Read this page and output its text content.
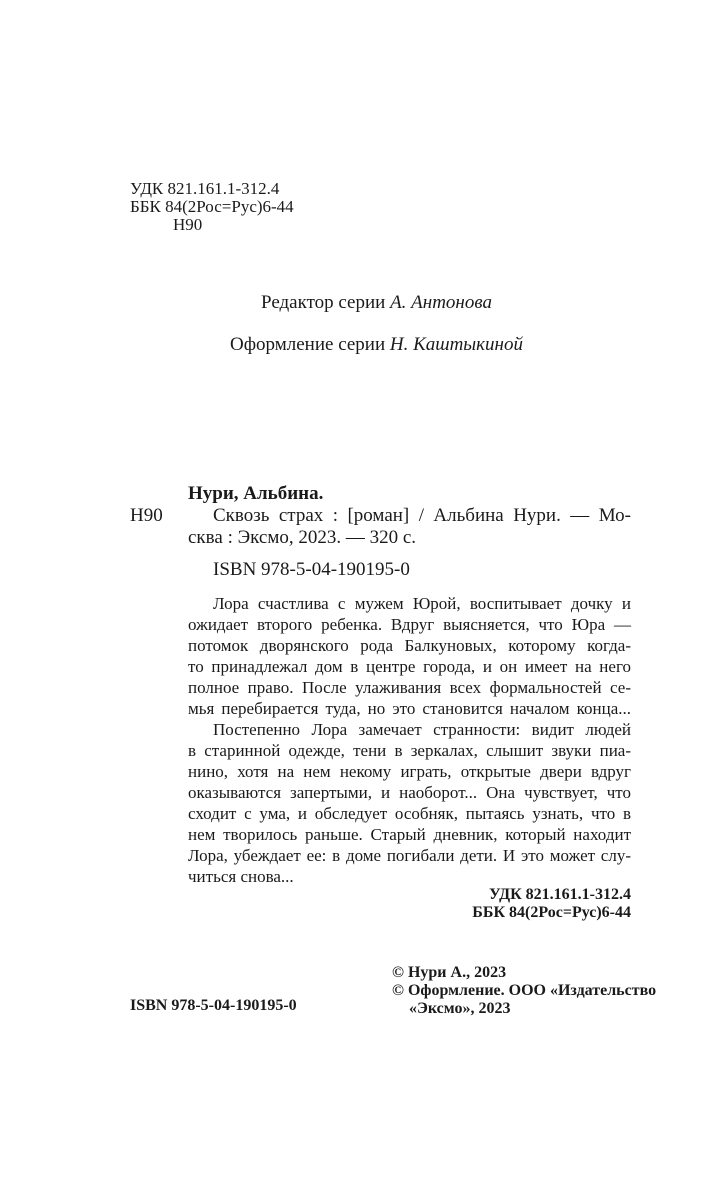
УДК 821.161.1-312.4
ББК 84(2Рос=Рус)6-44
Н90
Редактор серии А. Антонова
Оформление серии Н. Каштыкиной
Нури, Альбина.
Н90	Сквозь страх : [роман] / Альбина Нури. — Мо-
сква : Эксмо, 2023. — 320 с.
ISBN 978-5-04-190195-0
Лора счастлива с мужем Юрой, воспитывает дочку и
ожидает второго ребенка. Вдруг выясняется, что Юра —
потомок дворянского рода Балкуновых, которому когда-
то принадлежал дом в центре города, и он имеет на него
полное право. После улаживания всех формальностей се-
мья перебирается туда, но это становится началом конца...
Постепенно Лора замечает странности: видит людей
в старинной одежде, тени в зеркалах, слышит звуки пиа-
нино, хотя на нем некому играть, открытые двери вдруг
оказываются запертыми, и наоборот... Она чувствует, что
сходит с ума, и обследует особняк, пытаясь узнать, что в
нем творилось раньше. Старый дневник, который находит
Лора, убеждает ее: в доме погибали дети. И это может слу-
читься снова...
УДК 821.161.1-312.4
ББК 84(2Рос=Рус)6-44
© Нури А., 2023
© Оформление. ООО «Издательство
«Эксмо», 2023
ISBN 978-5-04-190195-0
